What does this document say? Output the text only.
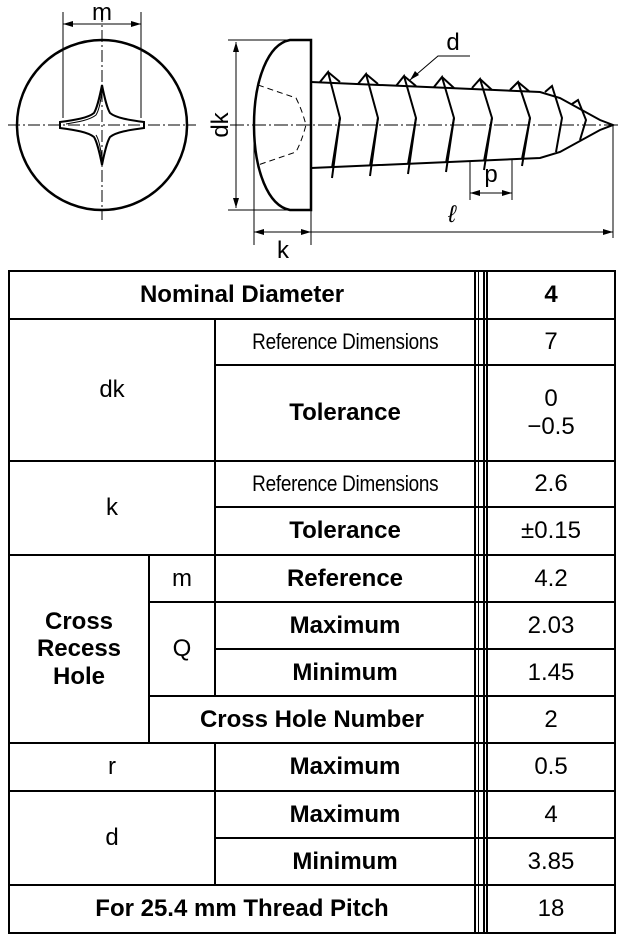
m
d
dk
k
p
ℓ
Nominal Diameter				4
dk		Reference Dimensions		7
		Tolerance		0
−0.5

k		Reference Dimensions		2.6
		Tolerance		±0.15

Cross
Recess
Hole	m	Reference		4.2
	Q	Maximum		2.03
		Minimum		1.45
	Cross Hole Number			2
r		Maximum		0.5
d		Maximum		4
		Minimum		3.85
For 25.4 mm Thread Pitch				18
